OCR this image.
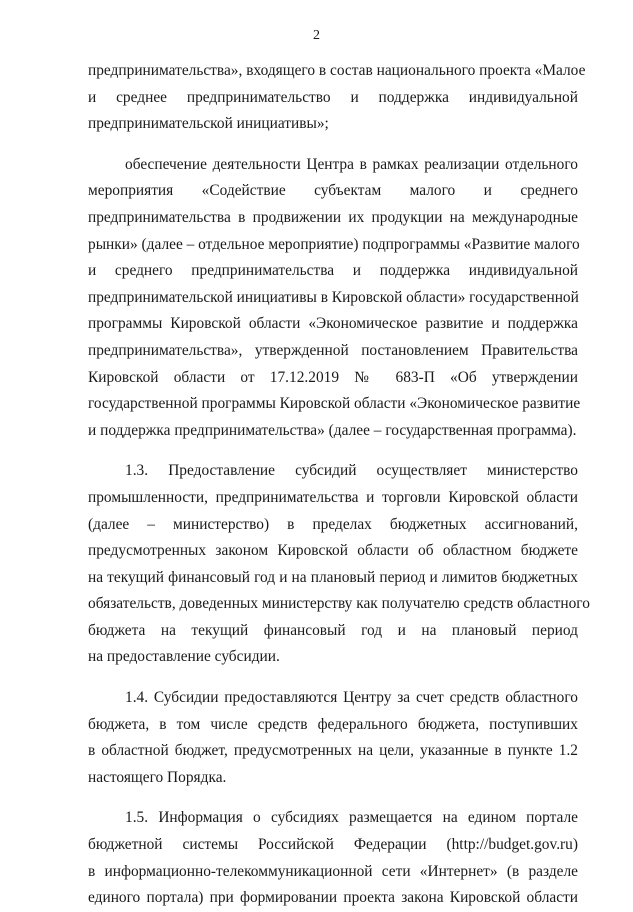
2
предпринимательства», входящего в состав национального проекта «Малое
и среднее предпринимательство и поддержка индивидуальной
предпринимательской инициативы»;
обеспечение деятельности Центра в рамках реализации отдельного
мероприятия «Содействие субъектам малого и среднего
предпринимательства в продвижении их продукции на международные
рынки» (далее – отдельное мероприятие) подпрограммы «Развитие малого
и среднего предпринимательства и поддержка индивидуальной
предпринимательской инициативы в Кировской области» государственной
программы Кировской области «Экономическое развитие и поддержка
предпринимательства», утвержденной постановлением Правительства
Кировской области от 17.12.2019 № 683-П «Об утверждении
государственной программы Кировской области «Экономическое развитие
и поддержка предпринимательства» (далее – государственная программа).
1.3. Предоставление субсидий осуществляет министерство
промышленности, предпринимательства и торговли Кировской области
(далее – министерство) в пределах бюджетных ассигнований,
предусмотренных законом Кировской области об областном бюджете
на текущий финансовый год и на плановый период и лимитов бюджетных
обязательств, доведенных министерству как получателю средств областного
бюджета на текущий финансовый год и на плановый период
на предоставление субсидии.
1.4. Субсидии предоставляются Центру за счет средств областного
бюджета, в том числе средств федерального бюджета, поступивших
в областной бюджет, предусмотренных на цели, указанные в пункте 1.2
настоящего Порядка.
1.5. Информация о субсидиях размещается на едином портале
бюджетной системы Российской Федерации (http://budget.gov.ru)
в информационно-телекоммуникационной сети «Интернет» (в разделе
единого портала) при формировании проекта закона Кировской области
